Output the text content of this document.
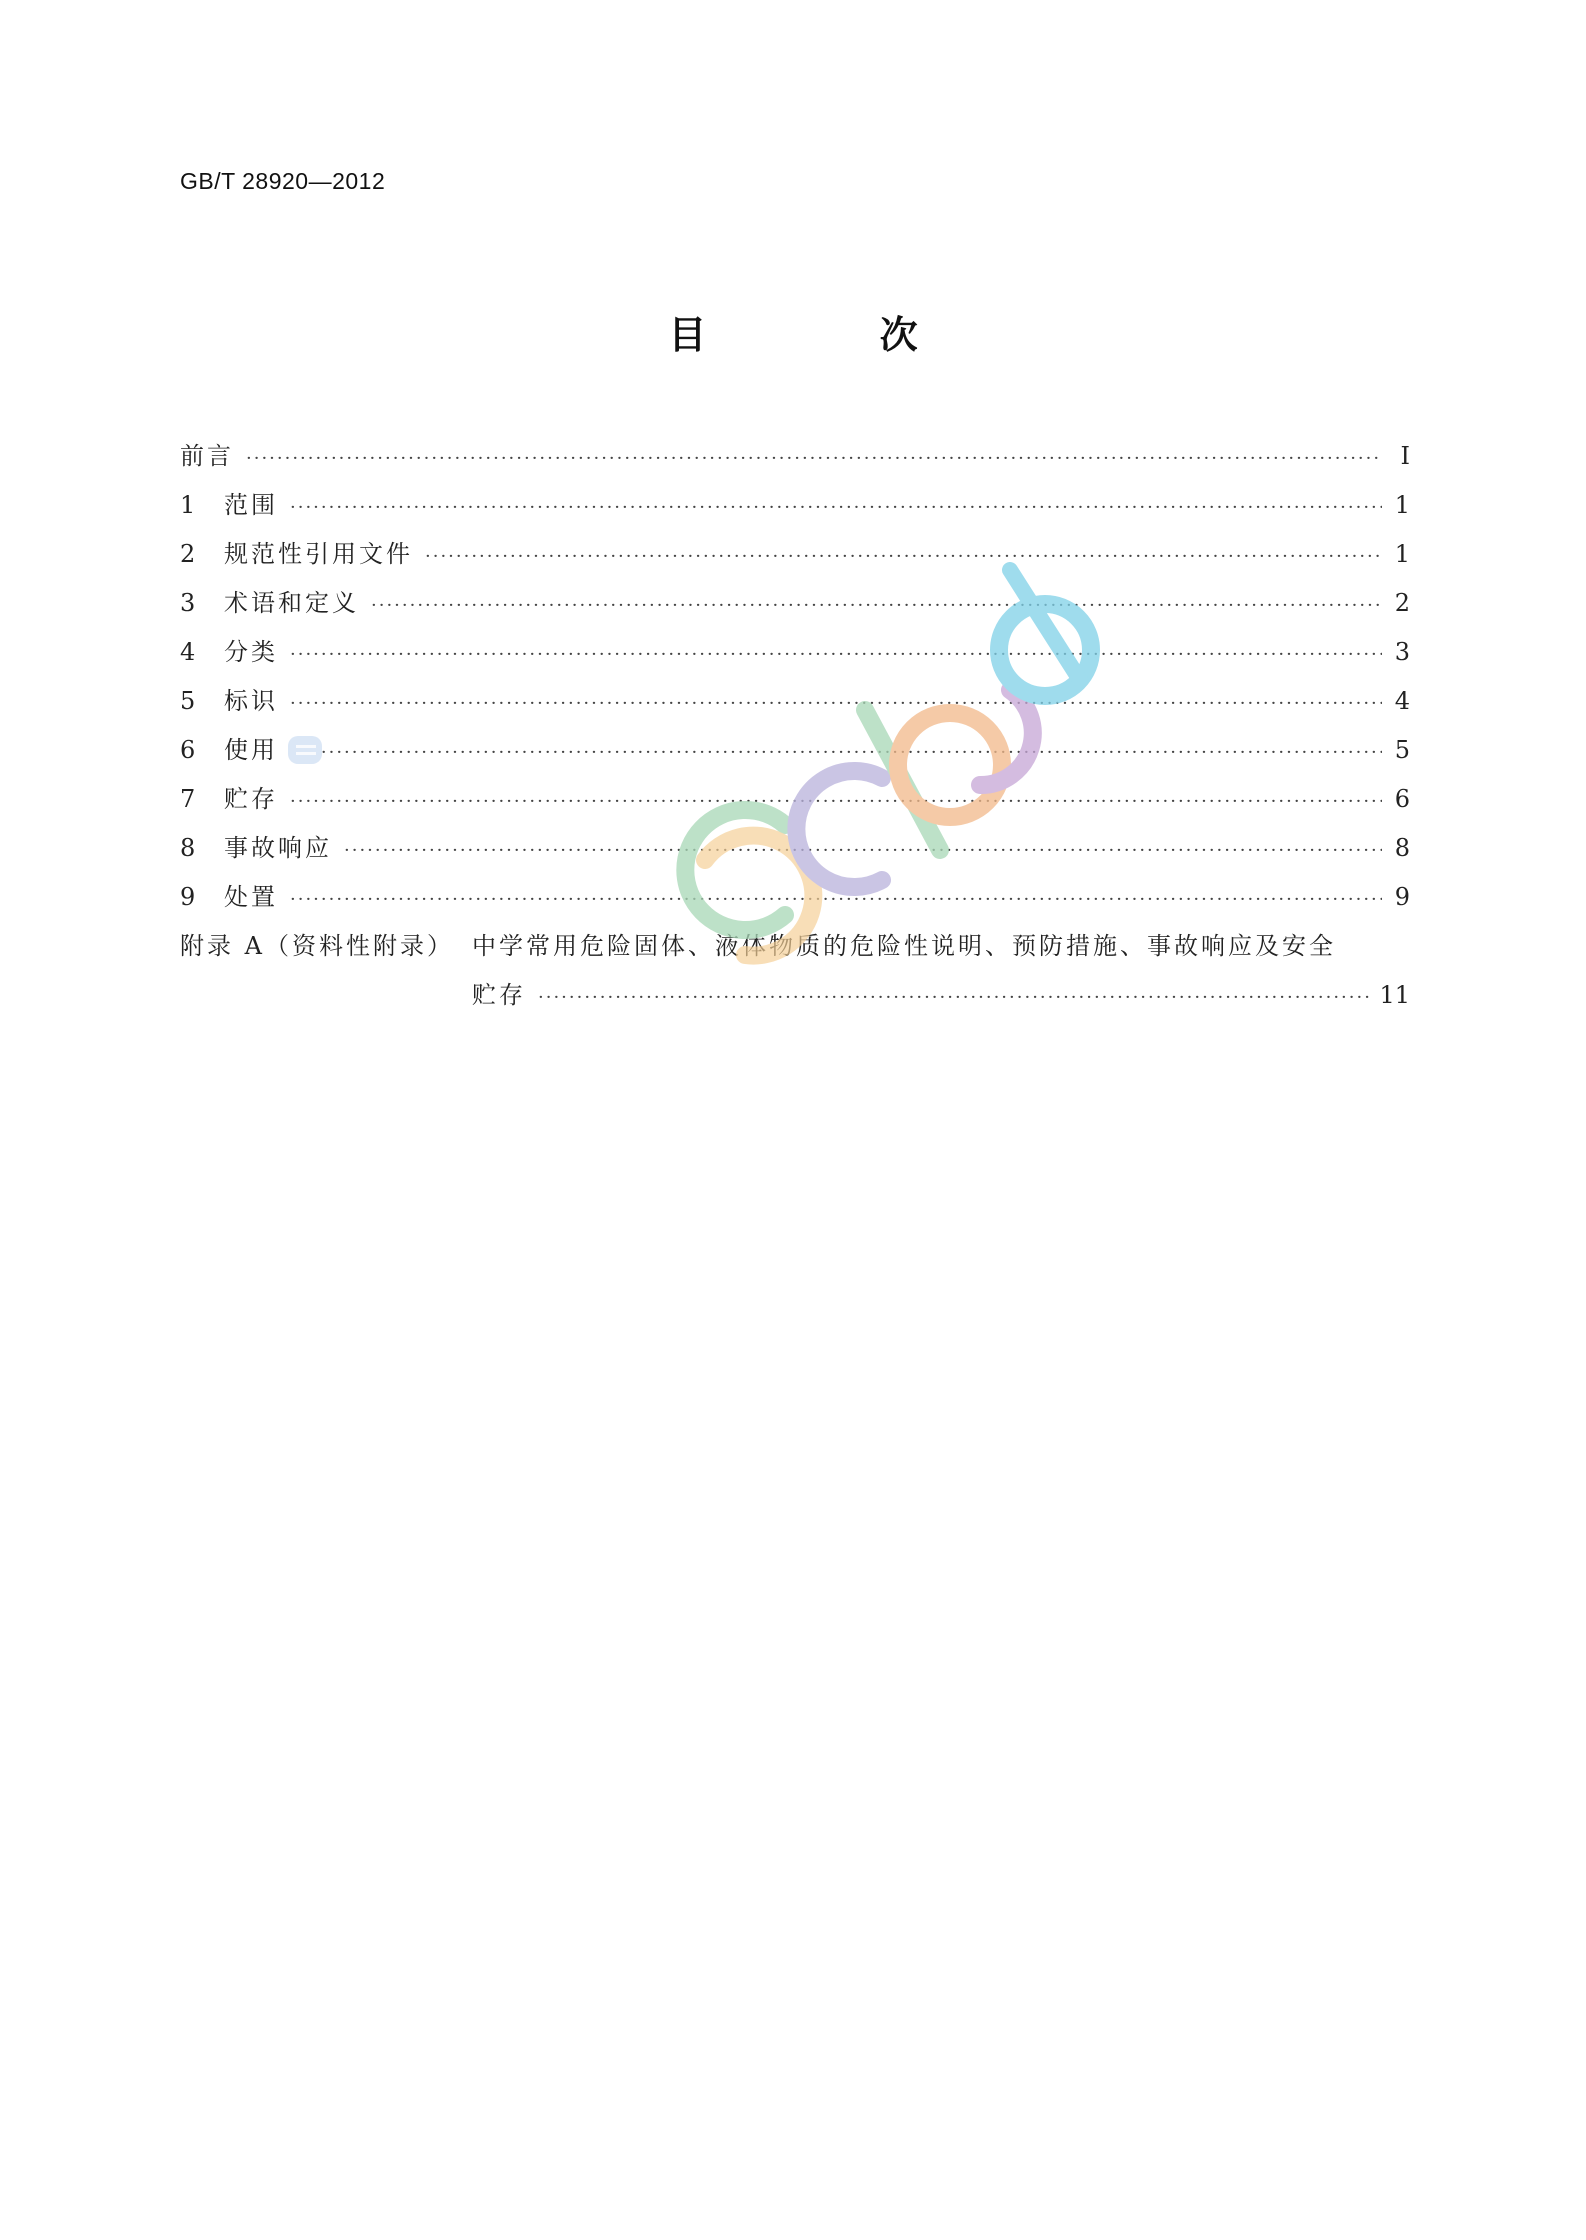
GB/T 28920—2012
目 次
前言 ·····	Ⅰ
1	范围 ·····	1
2	规范性引用文件 ·····	1
3	术语和定义 ·····	2
4	分类 ·····	3
5	标识 ·····	4
6	使用 ·····	5
7	贮存 ·····	6
8	事故响应 ·····	8
9	处置 ·····	9
附录 A（资料性附录） 中学常用危险固体、液体物质的危险性说明、预防措施、事故响应及安全
贮存 ·····	11
